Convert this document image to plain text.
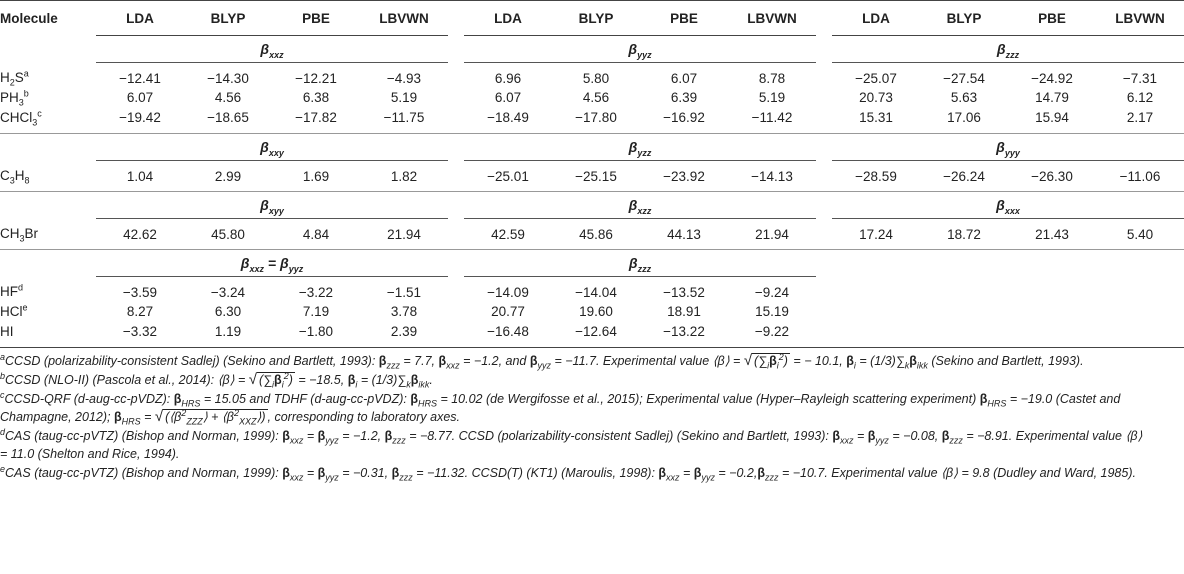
Molecule	LDA	BLYP	PBE	LBVWN		LDA	BLYP	PBE	LBVWN		LDA	BLYP	PBE	LBVWN
	$\beta_{xxz}$					$\beta_{yyz}$					$\beta_{zzz}$
$H_2S^a$	−12.41	−14.30	−12.21	−4.93		6.96	5.80	6.07	8.78		−25.07	−27.54	−24.92	−7.31
$PH_3^b$	6.07	4.56	6.38	5.19		6.07	4.56	6.39	5.19		20.73	5.63	14.79	6.12
CHCl$_3^c$	−19.42	−18.65	−17.82	−11.75		−18.49	−17.80	−16.92	−11.42		15.31	17.06	15.94	2.17
	$\beta_{xxy}$					$\beta_{yzz}$					$\beta_{yyy}$
$C_3H_8$	1.04	2.99	1.69	1.82		−25.01	−25.15	−23.92	−14.13		−28.59	−26.24	−26.30	−11.06
	$\beta_{xyy}$					$\beta_{xzz}$					$\beta_{xxx}$
$CH_3Br$	42.62	45.80	4.84	21.94		42.59	45.86	44.13	21.94		17.24	18.72	21.43	5.40
	$\beta_{xxz} = \beta_{yyz}$					$\beta_{zzz}$		
$HF^d$	−3.59	−3.24	−3.22	−1.51		−14.09	−14.04	−13.52	−9.24					
HCl$^e$	8.27	6.30	7.19	3.78		20.77	19.60	18.91	15.19					
HI	−3.32	1.19	−1.80	2.39		−16.48	−12.64	−13.22	−9.22					

$^a$CCSD (polarizability-consistent Sadlej) (Sekino and Bartlett, 1993): $\beta_{zzz} = 7.7$, $\beta_{xxz} = -1.2$, and $\beta_{yyz} = -11.7$. Experimental value ⟨β⟩ = √ $(\sum_i\beta_i^2)$ = − 10.1, $\beta_i = (1/3)\sum_k\beta_{ikk}$ (Sekino and Bartlett, 1993).

$^b$CCSD (NLO-II) (Pascola et al., 2014): ⟨β⟩ = √ $(\sum_i\beta_i^2) = -18.5$, $\beta_i = (1/3)\sum_k\beta_{ikk}$.

$^c$CCSD-QRF (d-aug-cc-pVDZ): $\beta_{HRS} = 15.05$ and TDHF (d-aug-cc-pVDZ): $\beta_{HRS} = 10.02$ (de Wergifosse et al., 2015); Experimental value (Hyper–Rayleigh scattering experiment) $\beta_{HRS} = -19.0$ (Castet and Champagne, 2012); $\beta_{HRS}$ = √ ($⟨\beta^2_{ZZZ}⟩$ + $⟨\beta^2_{XXZ}⟩$) , corresponding to laboratory axes.

$^d$CAS (taug-cc-pVTZ) (Bishop and Norman, 1999): $\beta_{xxz} = \beta_{yyz} = -1.2$, $\beta_{zzz} = -8.77$. CCSD (polarizability-consistent Sadlej) (Sekino and Bartlett, 1993): $\beta_{xxz} = \beta_{yyz} = -0.08$, $\beta_{zzz} = -8.91$. Experimental value ⟨β⟩ = 11.0 (Shelton and Rice, 1994).

$^e$CAS (taug-cc-pVTZ) (Bishop and Norman, 1999): $\beta_{xxz} = \beta_{yyz} = -0.31$, $\beta_{zzz} = -11.32$. CCSD(T) (KT1) (Maroulis, 1998): $\beta_{xxz} = \beta_{yyz} = -0.2,\beta_{zzz} = -10.7$. Experimental value ⟨β⟩ = 9.8 (Dudley and Ward, 1985).
